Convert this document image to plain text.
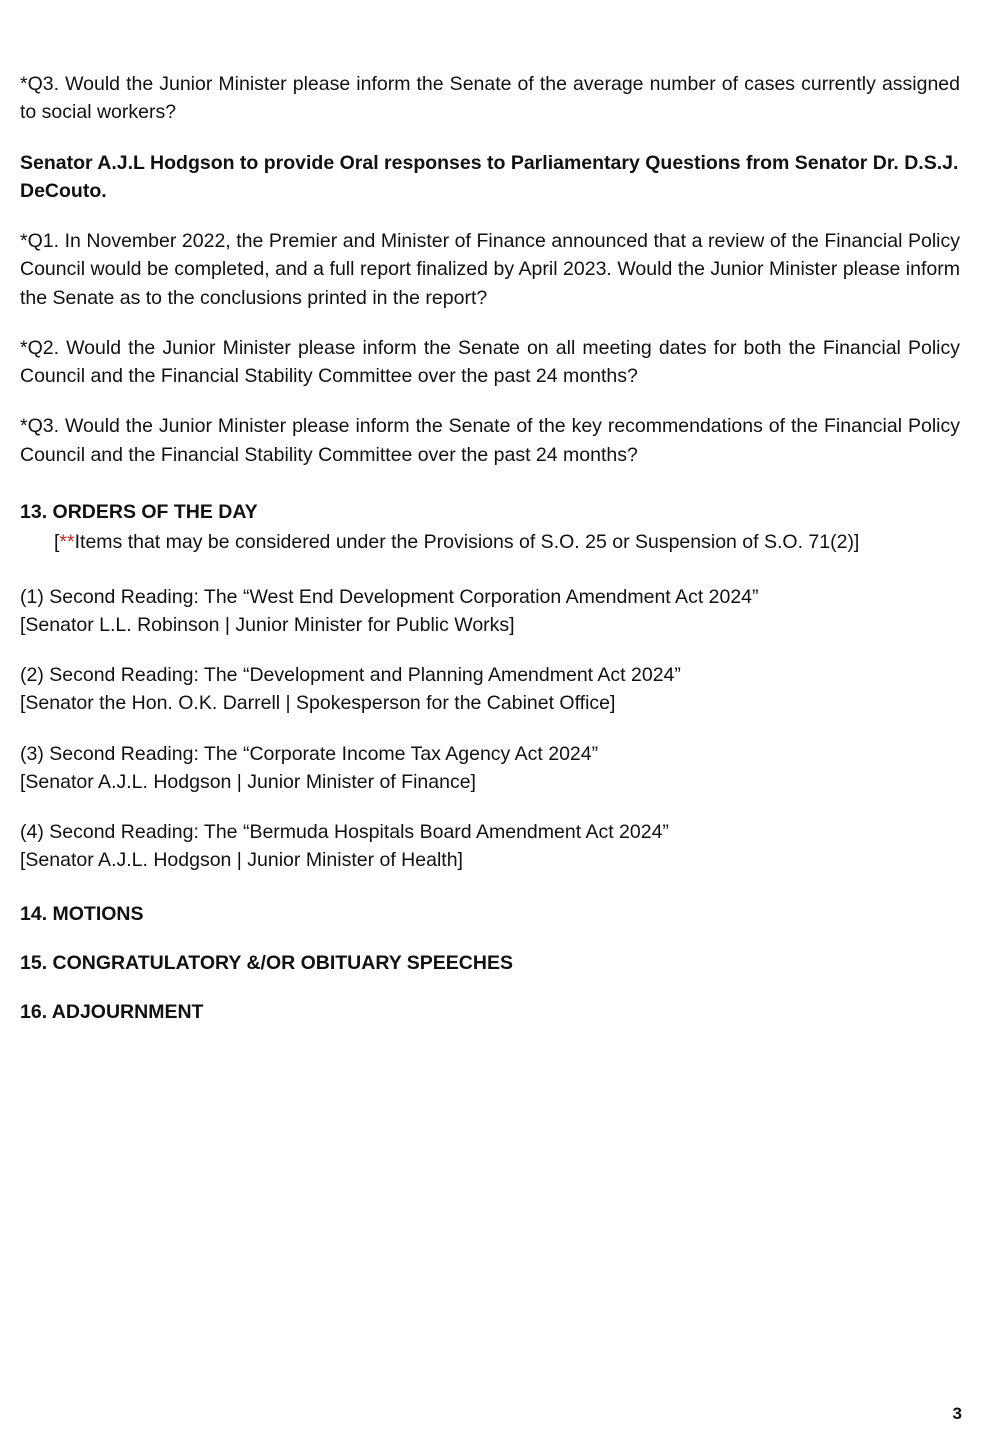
*Q3. Would the Junior Minister please inform the Senate of the average number of cases currently assigned to social workers?

Senator A.J.L Hodgson to provide Oral responses to Parliamentary Questions from Senator Dr. D.S.J. DeCouto.

*Q1. In November 2022, the Premier and Minister of Finance announced that a review of the Financial Policy Council would be completed, and a full report finalized by April 2023. Would the Junior Minister please inform the Senate as to the conclusions printed in the report?

*Q2. Would the Junior Minister please inform the Senate on all meeting dates for both the Financial Policy Council and the Financial Stability Committee over the past 24 months?

*Q3. Would the Junior Minister please inform the Senate of the key recommendations of the Financial Policy Council and the Financial Stability Committee over the past 24 months?

13. ORDERS OF THE DAY

[**Items that may be considered under the Provisions of S.O. 25 or Suspension of S.O. 71(2)]

(1) Second Reading: The “West End Development Corporation Amendment Act 2024”
[Senator L.L. Robinson | Junior Minister for Public Works]
(2) Second Reading: The “Development and Planning Amendment Act 2024”
[Senator the Hon. O.K. Darrell | Spokesperson for the Cabinet Office]
(3) Second Reading: The “Corporate Income Tax Agency Act 2024”
[Senator A.J.L. Hodgson | Junior Minister of Finance]
(4) Second Reading: The “Bermuda Hospitals Board Amendment Act 2024”
[Senator A.J.L. Hodgson | Junior Minister of Health]

14. MOTIONS

15. CONGRATULATORY &/OR OBITUARY SPEECHES

16. ADJOURNMENT

3
